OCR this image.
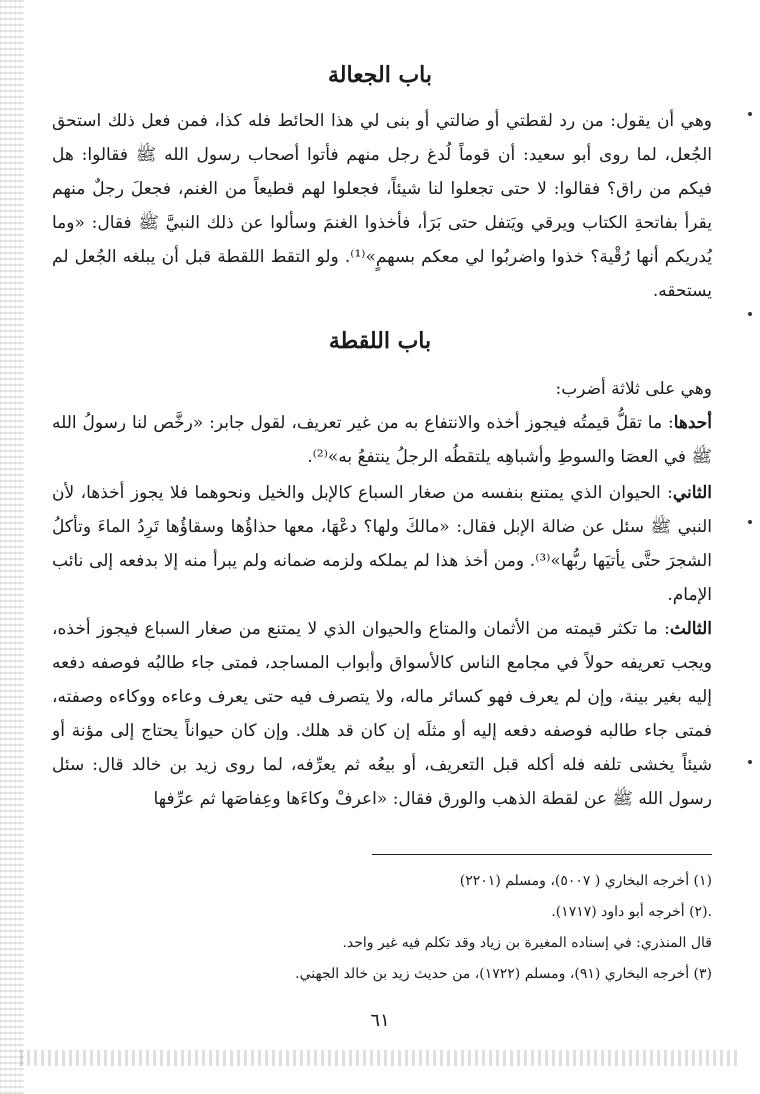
باب الجعالة
وهي أن يقول: من رد لقطتي أو ضالتي أو بنى لي هذا الحائط فله كذا، فمن فعل ذلك استحق الجُعل، لما روى أبو سعيد: أن قوماً لُدغ رجل منهم فأتوا أصحاب رسول الله ﷺ فقالوا: هل فيكم من راق؟ فقالوا: لا حتى تجعلوا لنا شيئاً، فجعلوا لهم قطيعاً من الغنم، فجعلَ رجلٌ منهم يقرأ بفاتحةِ الكتاب ويرقي ويَتفل حتى بَرَأ، فأخذوا الغنمَ وسألوا عن ذلك النبيَّ ﷺ فقال: «وما يُدريكم أنها رُقْية؟ خذوا واضربُوا لي معكم بسهمٍ»⁽¹⁾. ولو التقط اللقطة قبل أن يبلغه الجُعل لم يستحقه.
باب اللقطة
وهي على ثلاثة أضرب:
أحدها: ما تقلُّ قيمتُه فيجوز أخذه والانتفاع به من غير تعريف، لقول جابر: «رخَّص لنا رسولُ الله ﷺ في العصَا والسوطِ وأشباهِه يلتقطُه الرجلُ ينتفعُ به»⁽²⁾.
الثاني: الحيوان الذي يمتنع بنفسه من صغار السباع كالإبل والخيل ونحوهما فلا يجوز أخذها، لأن النبي ﷺ سئل عن ضالة الإبل فقال: «مالكَ ولها؟ دعْهَا، معها حذاؤُها وسقاؤُها تَرِدُ الماءَ وتأكلُ الشجرَ حتَّى يأتيَها ربُّها»⁽³⁾. ومن أخذ هذا لم يملكه ولزمه ضمانه ولم يبرأ منه إلا بدفعه إلى نائب الإمام.
الثالث: ما تكثر قيمته من الأثمان والمتاع والحيوان الذي لا يمتنع من صغار السباع فيجوز أخذه، ويجب تعريفه حولاً في مجامع الناس كالأسواق وأبواب المساجد، فمتى جاء طالبُه فوصفه دفعه إليه بغير بينة، وإن لم يعرف فهو كسائر ماله، ولا يتصرف فيه حتى يعرف وعاءه ووكاءه وصفته، فمتى جاء طالبه فوصفه دفعه إليه أو مثلَه إن كان قد هلك. وإن كان حيواناً يحتاج إلى مؤنة أو شيئاً يخشى تلفه فله أكله قبل التعريف، أو بيعُه ثم يعرِّفه، لما روى زيد بن خالد قال: سئل رسول الله ﷺ عن لقطة الذهب والورق فقال: «اعرفْ وكاءَها وعِفاصَها ثم عرِّفها
(١) أخرجه البخاري ( ٥٠٠٧)، ومسلم (٢٢٠١)
.(٢) أخرجه أبو داود (١٧١٧).
قال المنذري: في إسناده المغيرة بن زياد وقد تكلم فيه غير واحد.
(٣) أخرجه البخاري (٩١)، ومسلم (١٧٢٢)، من حديث زيد بن خالد الجهني.
٦١
